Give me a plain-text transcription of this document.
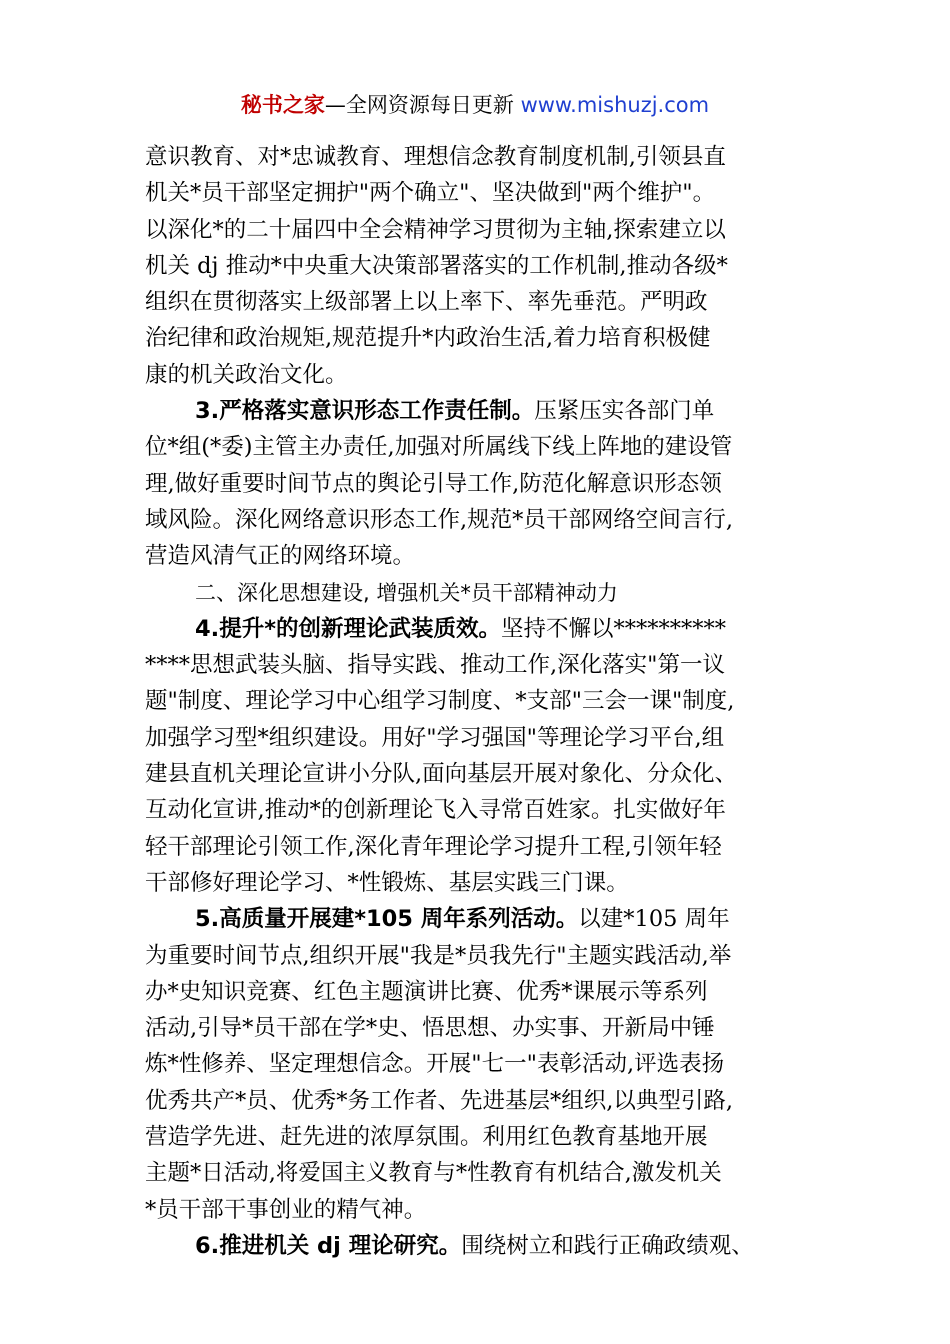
秘书之家—全网资源每日更新 www.mishuzj.com
意识教育、对*忠诚教育、理想信念教育制度机制,引领县直
机关*员干部坚定拥护"两个确立"、坚决做到"两个维护"。
以深化*的二十届四中全会精神学习贯彻为主轴,探索建立以
机关 dj 推动*中央重大决策部署落实的工作机制,推动各级*
组织在贯彻落实上级部署上以上率下、率先垂范。严明政
治纪律和政治规矩,规范提升*内政治生活,着力培育积极健
康的机关政治文化。
3.严格落实意识形态工作责任制。压紧压实各部门单
位*组(*委)主管主办责任,加强对所属线下线上阵地的建设管
理,做好重要时间节点的舆论引导工作,防范化解意识形态领
域风险。深化网络意识形态工作,规范*员干部网络空间言行,
营造风清气正的网络环境。
二、深化思想建设, 增强机关*员干部精神动力
4.提升*的创新理论武装质效。坚持不懈以**********
****思想武装头脑、指导实践、推动工作,深化落实"第一议
题"制度、理论学习中心组学习制度、*支部"三会一课"制度,
加强学习型*组织建设。用好"学习强国"等理论学习平台,组
建县直机关理论宣讲小分队,面向基层开展对象化、分众化、
互动化宣讲,推动*的创新理论飞入寻常百姓家。扎实做好年
轻干部理论引领工作,深化青年理论学习提升工程,引领年轻
干部修好理论学习、*性锻炼、基层实践三门课。
5.高质量开展建*105 周年系列活动。以建*105 周年
为重要时间节点,组织开展"我是*员我先行"主题实践活动,举
办*史知识竞赛、红色主题演讲比赛、优秀*课展示等系列
活动,引导*员干部在学*史、悟思想、办实事、开新局中锤
炼*性修养、坚定理想信念。开展"七一"表彰活动,评选表扬
优秀共产*员、优秀*务工作者、先进基层*组织,以典型引路,
营造学先进、赶先进的浓厚氛围。利用红色教育基地开展
主题*日活动,将爱国主义教育与*性教育有机结合,激发机关
*员干部干事创业的精气神。
6.推进机关 dj 理论研究。围绕树立和践行正确政绩观、
